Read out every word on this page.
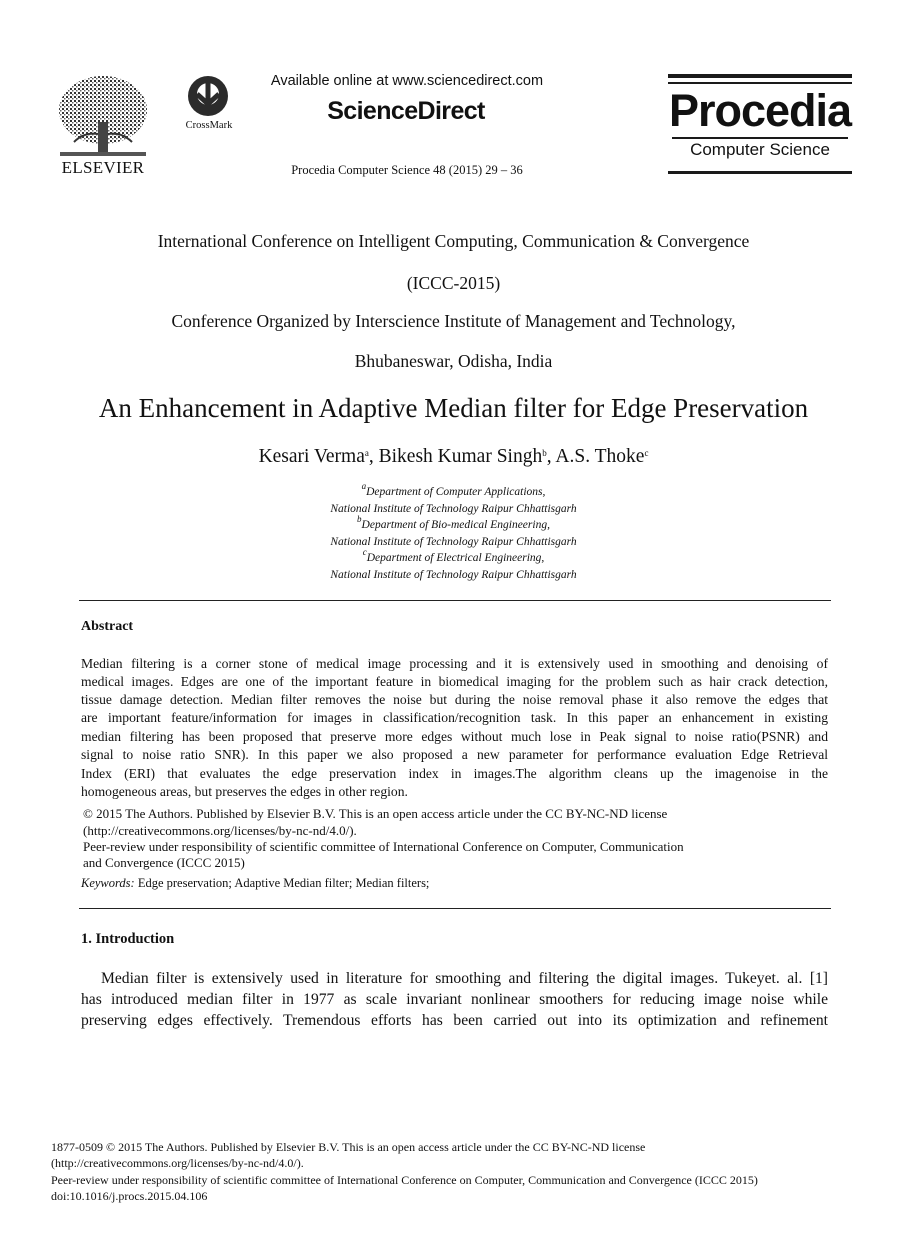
ELSEVIER
CrossMark
Available online at www.sciencedirect.com
ScienceDirect
Procedia Computer Science 48 (2015) 29 – 36
Procedia
Computer Science
International Conference on Intelligent Computing, Communication & Convergence
(ICCC-2015)
Conference Organized by Interscience Institute of Management and Technology,
Bhubaneswar, Odisha, India
An Enhancement in Adaptive Median filter for Edge Preservation
Kesari Verma$^a$, Bikesh Kumar Singh$^b$, A.S. Thoke$^c$
$^a$Department of Computer Applications,
National Institute of Technology Raipur Chhattisgarh
$^b$Department of Bio-medical Engineering,
National Institute of Technology Raipur Chhattisgarh
$^c$Department of Electrical Engineering,
National Institute of Technology Raipur Chhattisgarh
Abstract
Median filtering is a corner stone of medical image processing and it is extensively used in smoothing and denoising of
medical images. Edges are one of the important feature in biomedical imaging for the problem such as hair crack detection,
tissue damage detection. Median filter removes the noise but during the noise removal phase it also remove the edges that
are important feature/information for images in classification/recognition task. In this paper an enhancement in existing
median filtering has been proposed that preserve more edges without much lose in Peak signal to noise ratio(PSNR) and
signal to noise ratio SNR). In this paper we also proposed a new parameter for performance evaluation Edge Retrieval
Index (ERI) that evaluates the edge preservation index in images.The algorithm cleans up the imagenoise in the
homogeneous areas, but preserves the edges in other region.
© 2015 The Authors. Published by Elsevier B.V. This is an open access article under the CC BY-NC-ND license
(http://creativecommons.org/licenses/by-nc-nd/4.0/).
Peer-review under responsibility of scientific committee of International Conference on Computer, Communication
and Convergence (ICCC 2015)
Keywords: Edge preservation; Adaptive Median filter; Median filters;
1. Introduction
Median filter is extensively used in literature for smoothing and filtering the digital images. Tukeyet. al. [1]
has introduced median filter in 1977 as scale invariant nonlinear smoothers for reducing image noise while
preserving edges effectively. Tremendous efforts has been carried out into its optimization and refinement
1877-0509 © 2015 The Authors. Published by Elsevier B.V. This is an open access article under the CC BY-NC-ND license
(http://creativecommons.org/licenses/by-nc-nd/4.0/).
Peer-review under responsibility of scientific committee of International Conference on Computer, Communication and Convergence (ICCC 2015)
doi:10.1016/j.procs.2015.04.106
